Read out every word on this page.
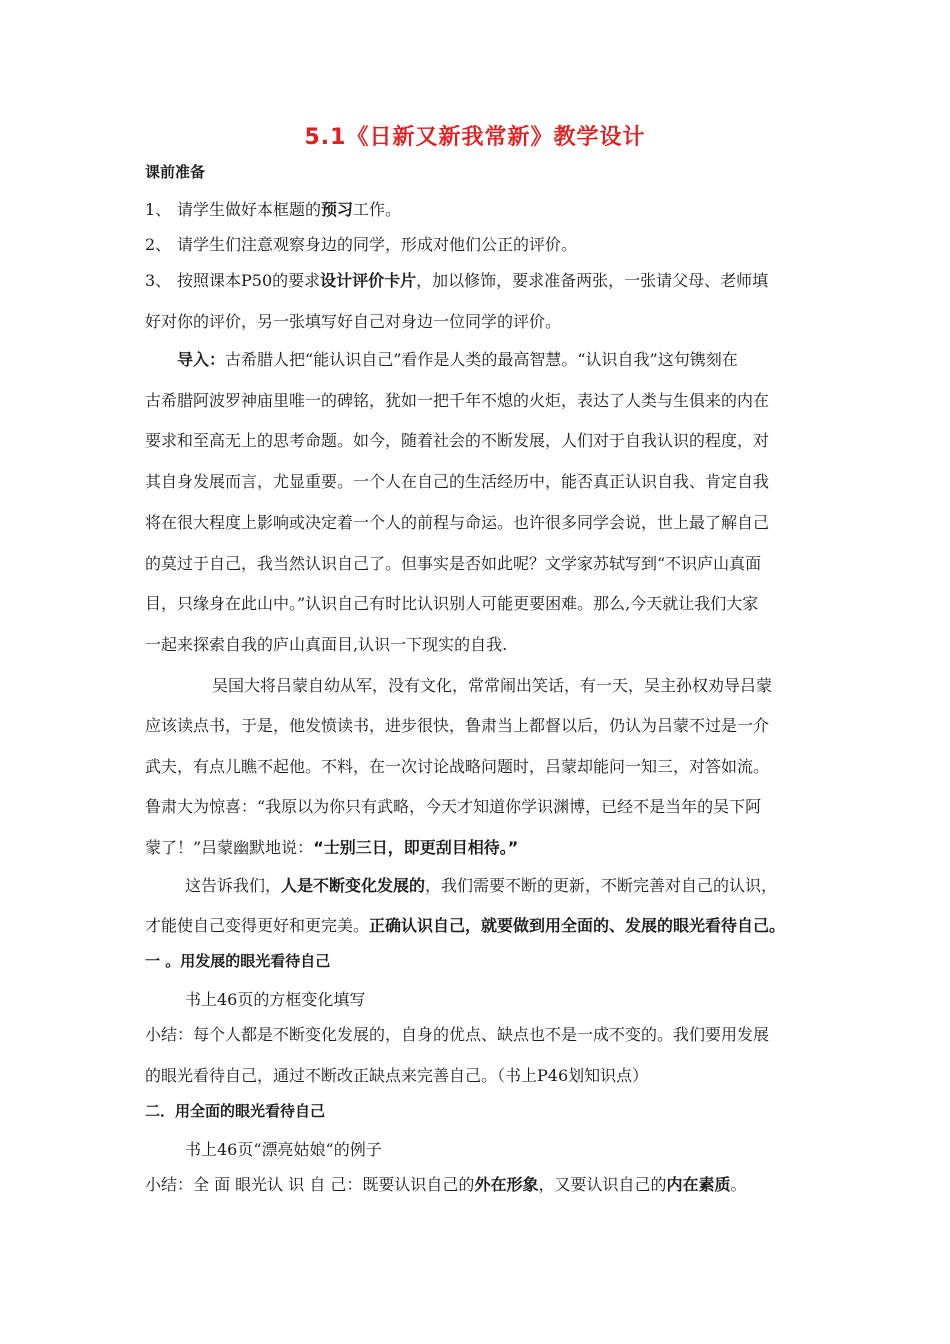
5.1《日新又新我常新》教学设计
课前准备
1、 请学生做好本框题的预习工作。
2、 请学生们注意观察身边的同学，形成对他们公正的评价。
3、 按照课本P50的要求设计评价卡片，加以修饰，要求准备两张，一张请父母、老师填
好对你的评价，另一张填写好自己对身边一位同学的评价。
导入：古希腊人把“能认识自己”看作是人类的最高智慧。“认识自我”这句镌刻在
古希腊阿波罗神庙里唯一的碑铭，犹如一把千年不熄的火炬，表达了人类与生俱来的内在
要求和至高无上的思考命题。如今，随着社会的不断发展，人们对于自我认识的程度，对
其自身发展而言，尤显重要。一个人在自己的生活经历中，能否真正认识自我、肯定自我
将在很大程度上影响或决定着一个人的前程与命运。也许很多同学会说，世上最了解自己
的莫过于自己，我当然认识自己了。但事实是否如此呢？文学家苏轼写到“不识庐山真面
目，只缘身在此山中。”认识自己有时比认识别人可能更要困难。那么,今天就让我们大家
一起来探索自我的庐山真面目,认识一下现实的自我.
吴国大将吕蒙自幼从军，没有文化，常常闹出笑话，有一天，吴主孙权劝导吕蒙
应该读点书，于是，他发愤读书，进步很快，鲁肃当上都督以后，仍认为吕蒙不过是一介
武夫，有点儿瞧不起他。不料，在一次讨论战略问题时，吕蒙却能问一知三，对答如流。
鲁肃大为惊喜：“我原以为你只有武略，今天才知道你学识渊博，已经不是当年的吴下阿
蒙了！”吕蒙幽默地说：“士别三日，即更刮目相待。”
这告诉我们，人是不断变化发展的，我们需要不断的更新，不断完善对自己的认识，
才能使自己变得更好和更完美。正确认识自己，就要做到用全面的、发展的眼光看待自己。
一 。用发展的眼光看待自己
书上46页的方框变化填写
小结：每个人都是不断变化发展的，自身的优点、缺点也不是一成不变的。我们要用发展
的眼光看待自己，通过不断改正缺点来完善自己。（书上P46划知识点）
二．用全面的眼光看待自己
书上46页“漂亮姑娘“的例子
小结：全 面 眼光认 识 自 己：既要认识自己的外在形象，又要认识自己的内在素质。
